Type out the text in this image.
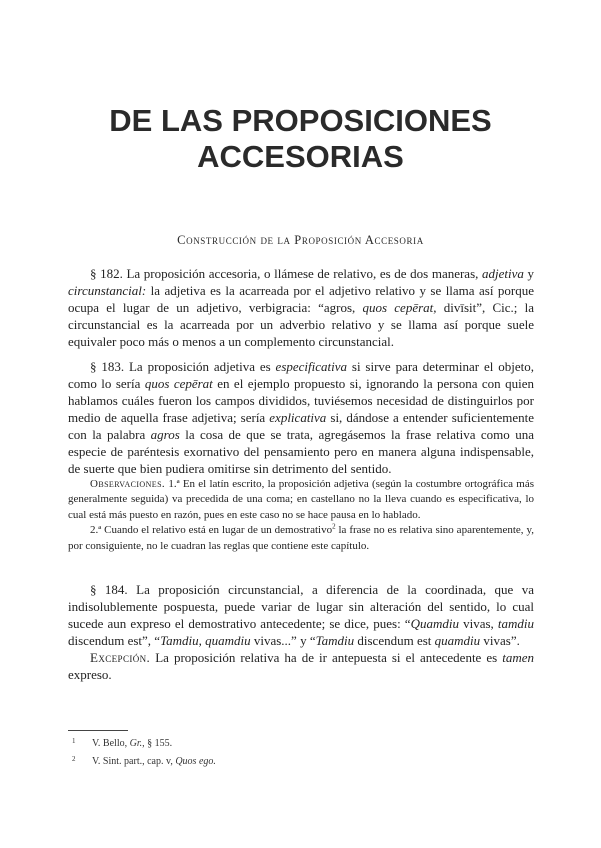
DE LAS PROPOSICIONES
ACCESORIAS
Construcción de la Proposición Accesoria

§ 182. La proposición accesoria, o llámese de relativo, es de dos maneras, adjetiva y circunstancial: la adjetiva es la acarreada por el adjetivo relativo y se llama así porque ocupa el lugar de un adjetivo, verbigracia: “agros, quos cepērat, divīsit”, Cic.; la circunstancial es la acarreada por un adverbio relativo y se llama así porque suele equivaler poco más o menos a un complemento circunstancial.

§ 183. La proposición adjetiva es especificativa si sirve para determinar el objeto, como lo sería quos cepērat en el ejemplo propuesto si, ignorando la persona con quien hablamos cuáles fueron los campos divididos, tuviésemos necesidad de distinguirlos por medio de aquella frase adjetiva; sería explicativa si, dándose a entender suficientemente con la palabra agros la cosa de que se trata, agregásemos la frase relativa como una especie de paréntesis exornativo del pensamiento pero en manera alguna indispensable, de suerte que bien pudiera omitirse sin detrimento del sentido.

Observaciones. 1.ª En el latín escrito, la proposición adjetiva (según la costumbre ortográfica más generalmente seguida) va precedida de una coma; en castellano no la lleva cuando es especificativa, lo cual está más puesto en razón, pues en este caso no se hace pausa en lo hablado.

2.ª Cuando el relativo está en lugar de un demostrativo$^2$ la frase no es relativa sino aparentemente, y, por consiguiente, no le cuadran las reglas que contiene este capítulo.

§ 184. La proposición circunstancial, a diferencia de la coordinada, que va indisolublemente pospuesta, puede variar de lugar sin alteración del sentido, lo cual sucede aun expreso el demostrativo antecedente; se dice, pues: “Quamdiu vivas, tamdiu discendum est”, “Tamdiu, quamdiu vivas...” y “Tamdiu discendum est quamdiu vivas”.

Excepción. La proposición relativa ha de ir antepuesta si el antecedente es tamen expreso.

1 V. Bello, Gr., § 155.
2 V. Sint. part., cap. v, Quos ego.
